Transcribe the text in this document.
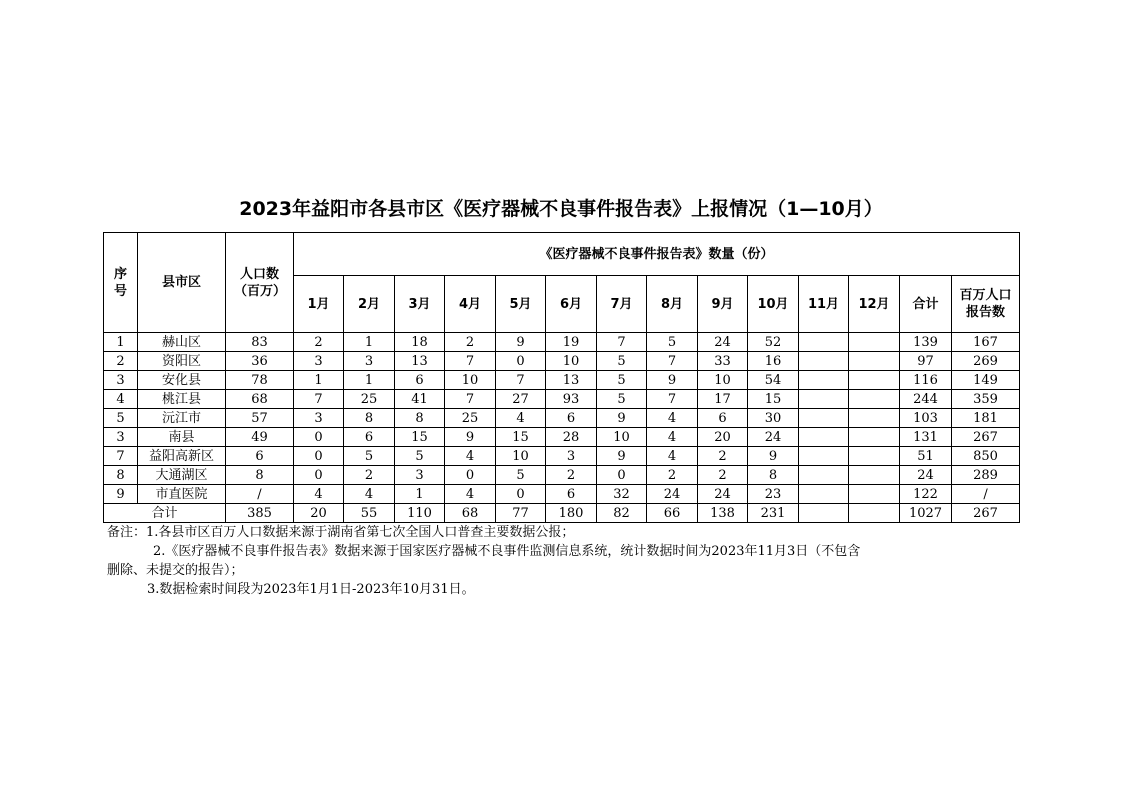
2023年益阳市各县市区《医疗器械不良事件报告表》上报情况（1—10月）
序号	县市区	人口数（百万）	《医疗器械不良事件报告表》数量（份）													
			1月	2月	3月	4月	5月	6月	7月	8月	9月	10月	11月	12月	合计	百万人口报告数
1	赫山区	83	2	1	18	2	9	19	7	5	24	52			139	167
2	资阳区	36	3	3	13	7	0	10	5	7	33	16			97	269
3	安化县	78	1	1	6	10	7	13	5	9	10	54			116	149
4	桃江县	68	7	25	41	7	27	93	5	7	17	15			244	359
5	沅江市	57	3	8	8	25	4	6	9	4	6	30			103	181
3	南县	49	0	6	15	9	15	28	10	4	20	24			131	267
7	益阳高新区	6	0	5	5	4	10	3	9	4	2	9			51	850
8	大通湖区	8	0	2	3	0	5	2	0	2	2	8			24	289
9	市直医院	/	4	4	1	4	0	6	32	24	24	23			122	/
合计		385	20	55	110	68	77	180	82	66	138	231			1027	267

备注：1.各县市区百万人口数据来源于湖南省第七次全国人口普查主要数据公报；

2.《医疗器械不良事件报告表》数据来源于国家医疗器械不良事件监测信息系统，统计数据时间为2023年11月3日（不包含

删除、未提交的报告）；

3.数据检索时间段为2023年1月1日-2023年10月31日。
